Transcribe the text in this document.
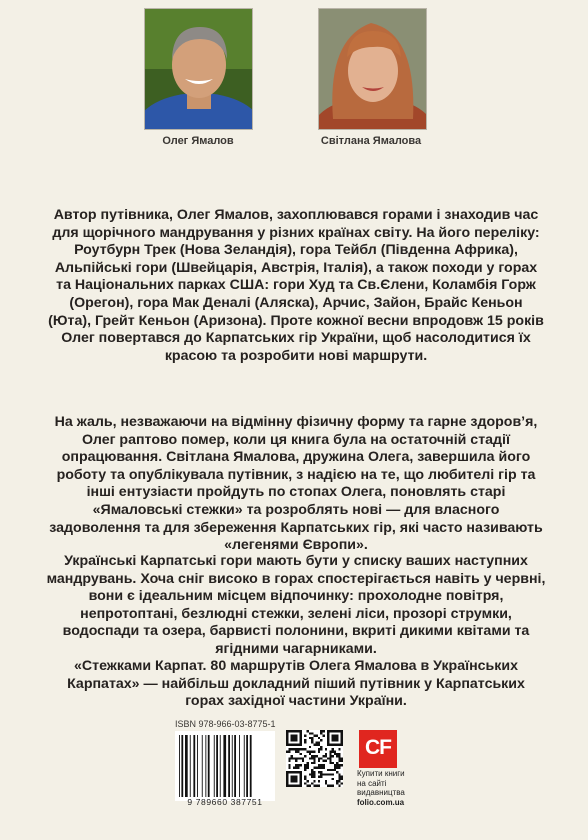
Олег Ямалов	Світлана Ямалова

Автор путівника, Олег Ямалов, захоплювався горами і знаходив час для щорічного мандрування у різних країнах світу. На його переліку: Роутбурн Трек (Нова Зеландія), гора Тейбл (Південна Африка), Альпійські гори (Швейцарія, Австрія, Італія), а також походи у горах та Національних парках США: гори Худ та Св.Єлени, Коламбія Горж (Орегон), гора Мак Деналі (Аляска), Арчис, Зайон, Брайс Кеньон (Юта), Грейт Кеньон (Аризона). Проте кожної весни впродовж 15 років Олег повертався до Карпатських гір України, щоб насолодитися їх красою та розробити нові маршрути.

На жаль, незважаючи на відмінну фізичну форму та гарне здоров’я, Олег раптово помер, коли ця книга була на остаточній стадії опрацювання. Світлана Ямалова, дружина Олега, завершила його роботу та опублікувала путівник, з надією на те, що любителі гір та інші ентузіасти пройдуть по стопах Олега, поновлять старі «Ямаловські стежки» та розроблять нові — для власного задоволення та для збереження Карпатських гір, які часто називають «легенями Європи».

Українські Карпатські гори мають бути у списку ваших наступних мандрувань. Хоча сніг високо в горах спостерігається навіть у червні, вони є ідеальним місцем відпочинку: прохолодне повітря, непротоптані, безлюдні стежки, зелені ліси, прозорі струмки, водоспади та озера, барвисті полонини, вкриті дикими квітами та ягідними чагарниками.

«Стежками Карпат. 80 маршрутів Олега Ямалова в Українських Карпатах» — найбільш докладний піший путівник у Карпатських горах західної частини України.

ISBN 978-966-03-8775-1
9 789660 387751
CF
Купити книги
на сайті
видавництва
folio.com.ua
